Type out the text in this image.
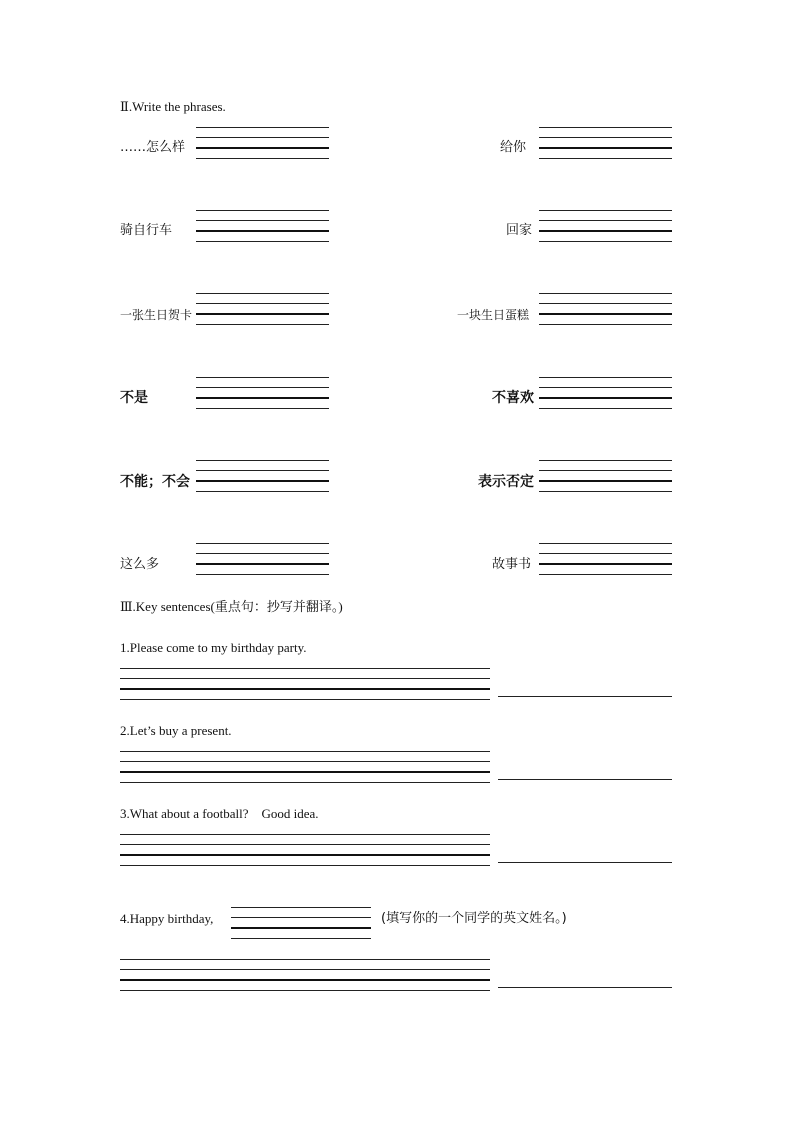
Ⅱ.Write the phrases.
……怎么样	给你
骑自行车	回家
一张生日贺卡	一块生日蛋糕
不是	不喜欢
不能；不会	表示否定
这么多	故事书
Ⅲ.Key sentences(重点句：抄写并翻译。)
1.Please come to my birthday party.
2.Let’s buy a present.
3.What about a football?    Good idea.
4.Happy birthday,	(填写你的一个同学的英文姓名。)
